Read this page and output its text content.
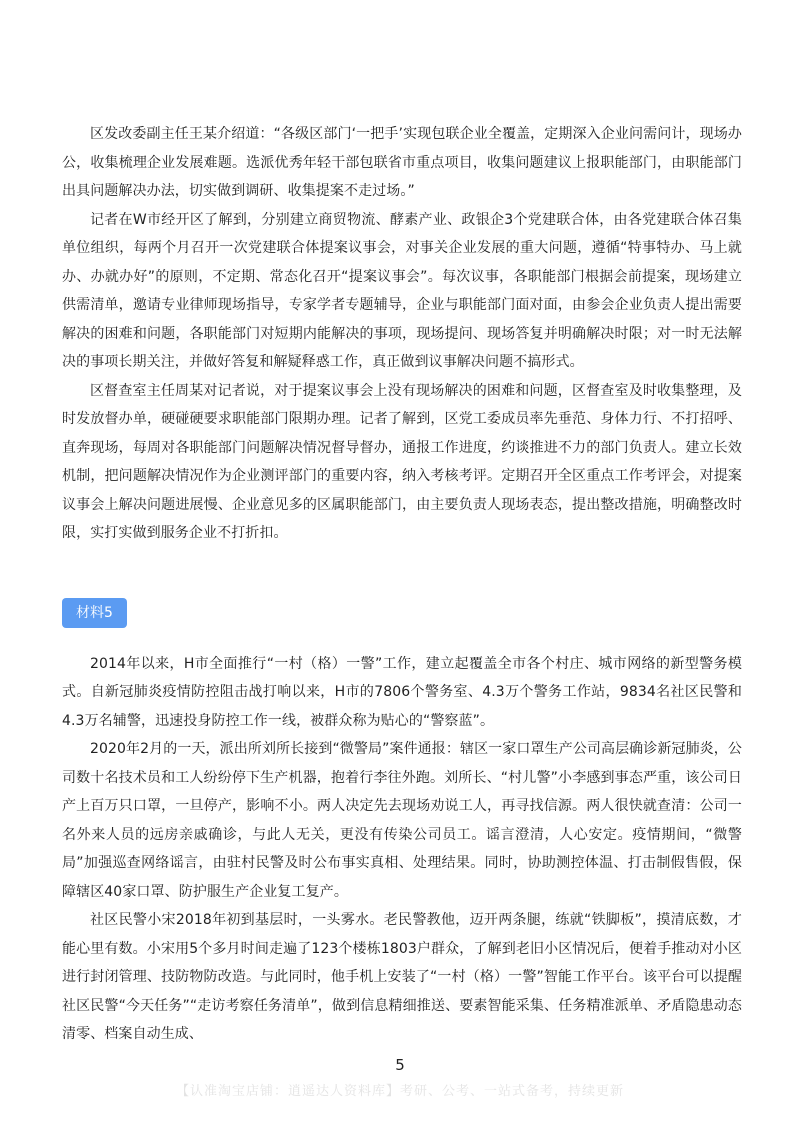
区发改委副主任王某介绍道：“各级区部门‘一把手’实现包联企业全覆盖，定期深入企业问需问计，现场办公，收集梳理企业发展难题。选派优秀年轻干部包联省市重点项目，收集问题建议上报职能部门，由职能部门出具问题解决办法，切实做到调研、收集提案不走过场。”

记者在W市经开区了解到，分别建立商贸物流、酵素产业、政银企3个党建联合体，由各党建联合体召集单位组织，每两个月召开一次党建联合体提案议事会，对事关企业发展的重大问题，遵循“特事特办、马上就办、办就办好”的原则，不定期、常态化召开“提案议事会”。每次议事，各职能部门根据会前提案，现场建立供需清单，邀请专业律师现场指导，专家学者专题辅导，企业与职能部门面对面，由参会企业负责人提出需要解决的困难和问题，各职能部门对短期内能解决的事项，现场提问、现场答复并明确解决时限；对一时无法解决的事项长期关注，并做好答复和解疑释惑工作，真正做到议事解决问题不搞形式。

区督查室主任周某对记者说，对于提案议事会上没有现场解决的困难和问题，区督查室及时收集整理，及时发放督办单，硬碰硬要求职能部门限期办理。记者了解到，区党工委成员率先垂范、身体力行、不打招呼、直奔现场，每周对各职能部门问题解决情况督导督办，通报工作进度，约谈推进不力的部门负责人。建立长效机制，把问题解决情况作为企业测评部门的重要内容，纳入考核考评。定期召开全区重点工作考评会，对提案议事会上解决问题进展慢、企业意见多的区属职能部门，由主要负责人现场表态，提出整改措施，明确整改时限，实打实做到服务企业不打折扣。

材料5

2014年以来，H市全面推行“一村（格）一警”工作，建立起覆盖全市各个村庄、城市网络的新型警务模式。自新冠肺炎疫情防控阻击战打响以来，H市的7806个警务室、4.3万个警务工作站，9834名社区民警和4.3万名辅警，迅速投身防控工作一线，被群众称为贴心的“警察蓝”。

2020年2月的一天，派出所刘所长接到“微警局”案件通报：辖区一家口罩生产公司高层确诊新冠肺炎，公司数十名技术员和工人纷纷停下生产机器，抱着行李往外跑。刘所长、“村儿警”小李感到事态严重，该公司日产上百万只口罩，一旦停产，影响不小。两人决定先去现场劝说工人，再寻找信源。两人很快就查清：公司一名外来人员的远房亲戚确诊，与此人无关，更没有传染公司员工。谣言澄清，人心安定。疫情期间，“微警局”加强巡查网络谣言，由驻村民警及时公布事实真相、处理结果。同时，协助测控体温、打击制假售假，保障辖区40家口罩、防护服生产企业复工复产。

社区民警小宋2018年初到基层时，一头雾水。老民警教他，迈开两条腿，练就“铁脚板”，摸清底数，才能心里有数。小宋用5个多月时间走遍了123个楼栋1803户群众，了解到老旧小区情况后，便着手推动对小区进行封闭管理、技防物防改造。与此同时，他手机上安装了“一村（格）一警”智能工作平台。该平台可以提醒社区民警“今天任务”“走访考察任务清单”，做到信息精细推送、要素智能采集、任务精准派单、矛盾隐患动态清零、档案自动生成、

5
【认准淘宝店铺：逍遥达人资料库】考研、公考、一站式备考，持续更新
